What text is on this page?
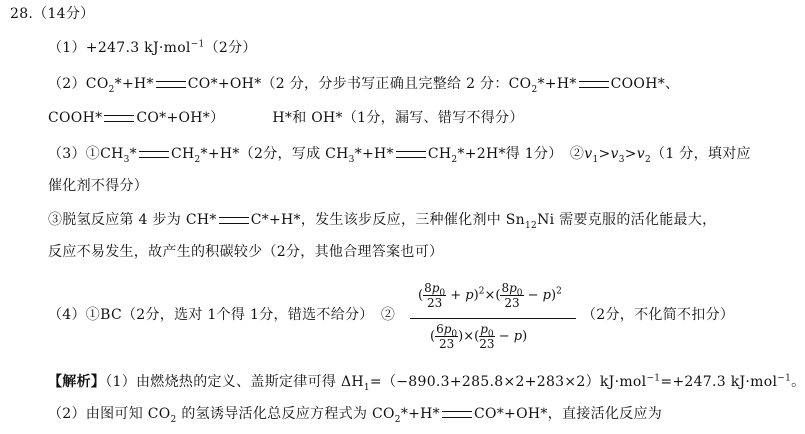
28.（14分）
（1）+247.3 kJ·mol$^{-1}$（2分）
$(2)CO_2*+H*$ CO*+OH*（2 分，分步书写正确且完整给 2 分：$CO_2*+H*$ COOH*、
COOH* CO*+OH*）	H*和 OH*（1分，漏写、错写不得分）
$(3)①CH_3*$ $CH_2*+H*(2$分，写成 $CH_3*+H*$ $CH_2*+2H*$得 1分）　$②v_1>v_3>v_2(1$ 分，填对应
催化剂不得分）
③脱氢反应第 4 步为 CH* C*+H*，发生该步反应，三种催化剂中 $Sn_{12}Ni$ 需要克服的活化能最大，
反应不易发生，故产生的积碳较少（2分，其他合理答案也可）
（4）①BC（2分，选对 1个得 1分，错选不给分）　②
( $\frac{8p_0}{23} + p)^2\times( \frac{8p_0}{23} - p)^2$
( $\frac{6p_0}{23}$ )×( $\frac{p_0}{23} - p$)
（2分，不化简不扣分）
【解析】（1）由燃烧热的定义、盖斯定律可得 $\Delta H_1=(-890.3+285.8\times 2+283\times 2)kJ\cdot mol^{-1}=+247.3$ kJ·mol$^{-1}$。
（2）由图可知 $CO_2$ 的氢诱导活化总反应方程式为 $CO_2*+H*$ CO*+OH*，直接活化反应为
